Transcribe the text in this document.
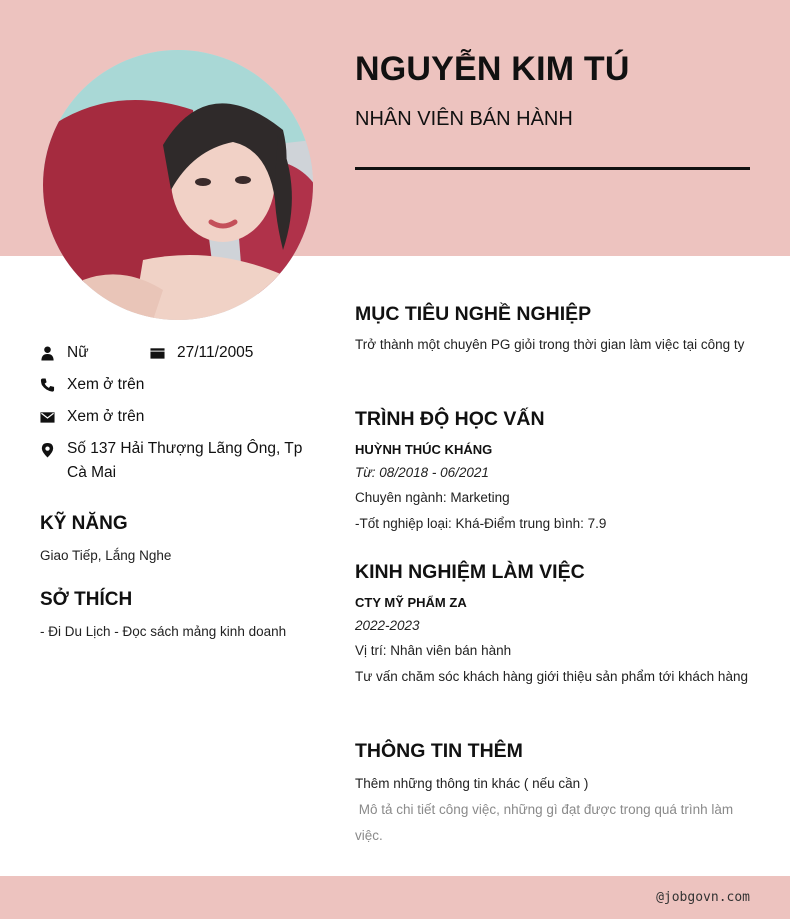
NGUYỄN KIM TÚ
NHÂN VIÊN BÁN HÀNH
Nữ	27/11/2005
Xem ở trên
Xem ở trên
Số 137 Hải Thượng Lãng Ông, Tp Cà Mai
KỸ NĂNG
Giao Tiếp, Lắng Nghe
SỞ THÍCH
- Đi Du Lịch - Đọc sách mảng kinh doanh
MỤC TIÊU NGHỀ NGHIỆP
Trở thành một chuyên PG giỏi trong thời gian làm việc tại công ty
TRÌNH ĐỘ HỌC VẤN
HUỲNH THÚC KHÁNG
Từ: 08/2018 - 06/2021
Chuyên ngành: Marketing
-Tốt nghiệp loại: Khá-Điểm trung bình: 7.9
KINH NGHIỆM LÀM VIỆC
CTY MỸ PHẨM ZA
2022-2023
Vị trí: Nhân viên bán hành
Tư vấn chăm sóc khách hàng giới thiệu sản phẩm tới khách hàng
THÔNG TIN THÊM
Thêm những thông tin khác ( nếu cần )
Mô tả chi tiết công việc, những gì đạt được trong quá trình làm việc.
@jobgovn.com
